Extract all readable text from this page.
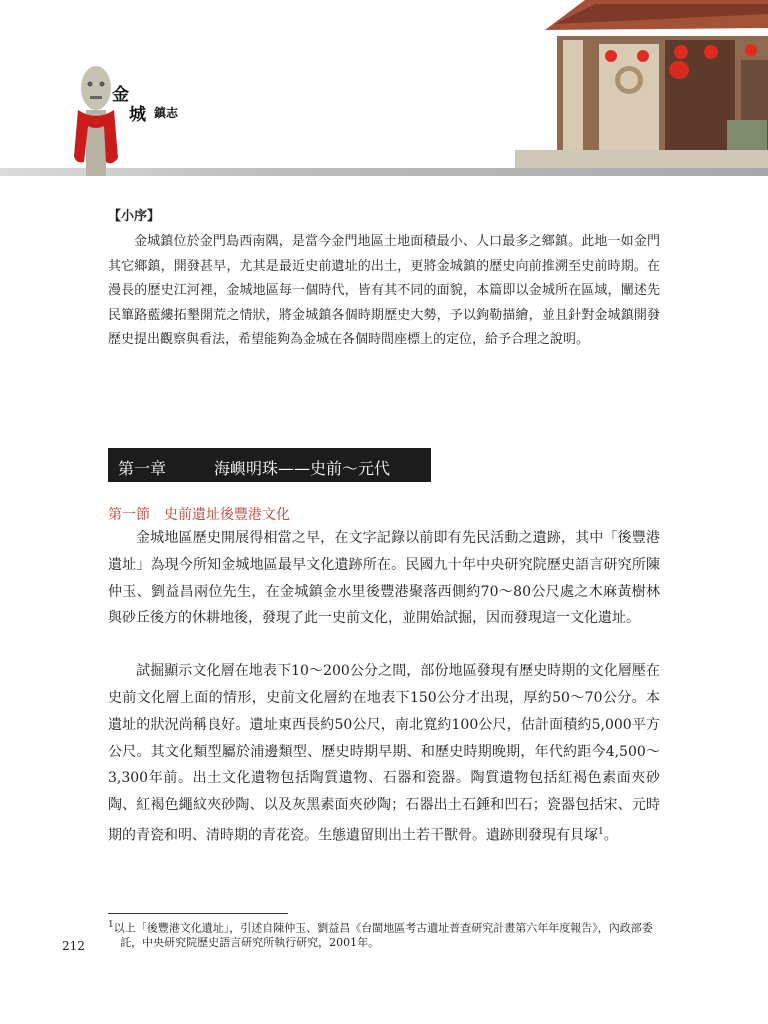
金
城 鎮志

【小序】

金城鎮位於金門島西南隅，是當今金門地區土地面積最小、人口最多之鄉鎮。此地一如金門其它鄉鎮，開發甚早，尤其是最近史前遺址的出土，更將金城鎮的歷史向前推溯至史前時期。在漫長的歷史江河裡，金城地區每一個時代，皆有其不同的面貌，本篇即以金城所在區域，闡述先民篳路藍縷拓墾開荒之情狀，將金城鎮各個時期歷史大勢，予以鉤勒描繪，並且針對金城鎮開發歷史提出觀察與看法，希望能夠為金城在各個時間座標上的定位，給予合理之說明。

第一章	海嶼明珠——史前～元代
第一節　史前遺址後豐港文化

金城地區歷史開展得相當之早，在文字記錄以前即有先民活動之遺跡，其中「後豐港遺址」為現今所知金城地區最早文化遺跡所在。民國九十年中央研究院歷史語言研究所陳仲玉、劉益昌兩位先生，在金城鎮金水里後豐港聚落西側約70～80公尺處之木麻黃樹林與砂丘後方的休耕地後，發現了此一史前文化，並開始試掘，因而發現這一文化遺址。

試掘顯示文化層在地表下10～200公分之間，部份地區發現有歷史時期的文化層壓在史前文化層上面的情形，史前文化層約在地表下150公分才出現，厚約50～70公分。本遺址的狀況尚稱良好。遺址東西長約50公尺，南北寬約100公尺，估計面積約5,000平方公尺。其文化類型屬於浦邊類型、歷史時期早期、和歷史時期晚期，年代約距今4,500～3,300年前。出土文化遺物包括陶質遺物、石器和瓷器。陶質遺物包括紅褐色素面夾砂陶、紅褐色繩紋夾砂陶、以及灰黑素面夾砂陶；石器出土石錘和凹石；瓷器包括宋、元時期的青瓷和明、清時期的青花瓷。生態遺留則出土若干獸骨。遺跡則發現有貝塚$^1$。

$^1$以上「後豐港文化遺址」，引述自陳仲玉、劉益昌《台閩地區考古遺址普查研究計畫第六年年度報告》，內政部委託，中央研究院歷史語言研究所執行研究，2001年。
212
